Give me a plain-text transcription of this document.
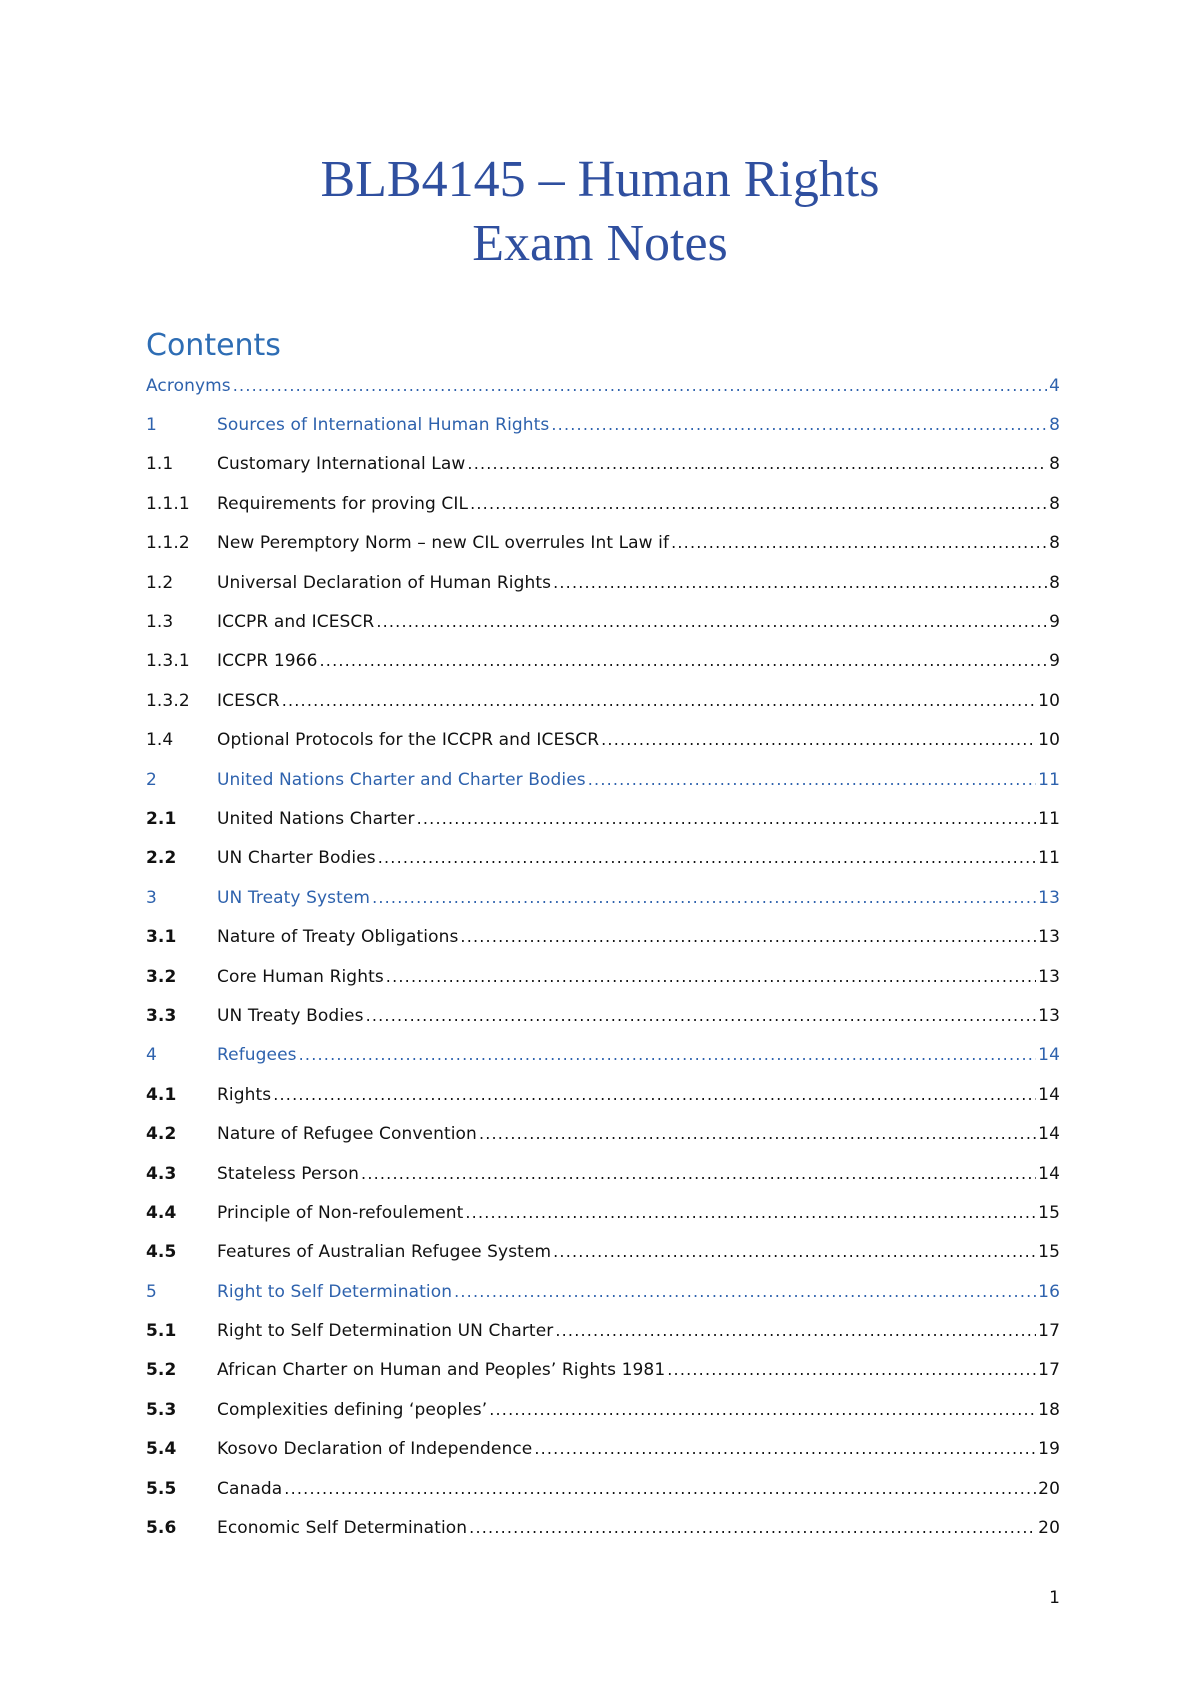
BLB4145 – Human Rights
Exam Notes
Contents
Acronyms .....	4
1	Sources of International Human Rights .....	8
1.1	Customary International Law .....	8
1.1.1	Requirements for proving CIL .....	8
1.1.2	New Peremptory Norm – new CIL overrules Int Law if .....	8
1.2	Universal Declaration of Human Rights .....	8
1.3	ICCPR and ICESCR .....	9
1.3.1	ICCPR 1966 .....	9
1.3.2	ICESCR .....	10
1.4	Optional Protocols for the ICCPR and ICESCR .....	10
2	United Nations Charter and Charter Bodies .....	11
2.1	United Nations Charter .....	11
2.2	UN Charter Bodies .....	11
3	UN Treaty System .....	13
3.1	Nature of Treaty Obligations .....	13
3.2	Core Human Rights .....	13
3.3	UN Treaty Bodies .....	13
4	Refugees .....	14
4.1	Rights .....	14
4.2	Nature of Refugee Convention .....	14
4.3	Stateless Person .....	14
4.4	Principle of Non-refoulement .....	15
4.5	Features of Australian Refugee System .....	15
5	Right to Self Determination .....	16
5.1	Right to Self Determination UN Charter .....	17
5.2	African Charter on Human and Peoples’ Rights 1981 .....	17
5.3	Complexities defining ‘peoples’ .....	18
5.4	Kosovo Declaration of Independence .....	19
5.5	Canada .....	20
5.6	Economic Self Determination .....	20
1
